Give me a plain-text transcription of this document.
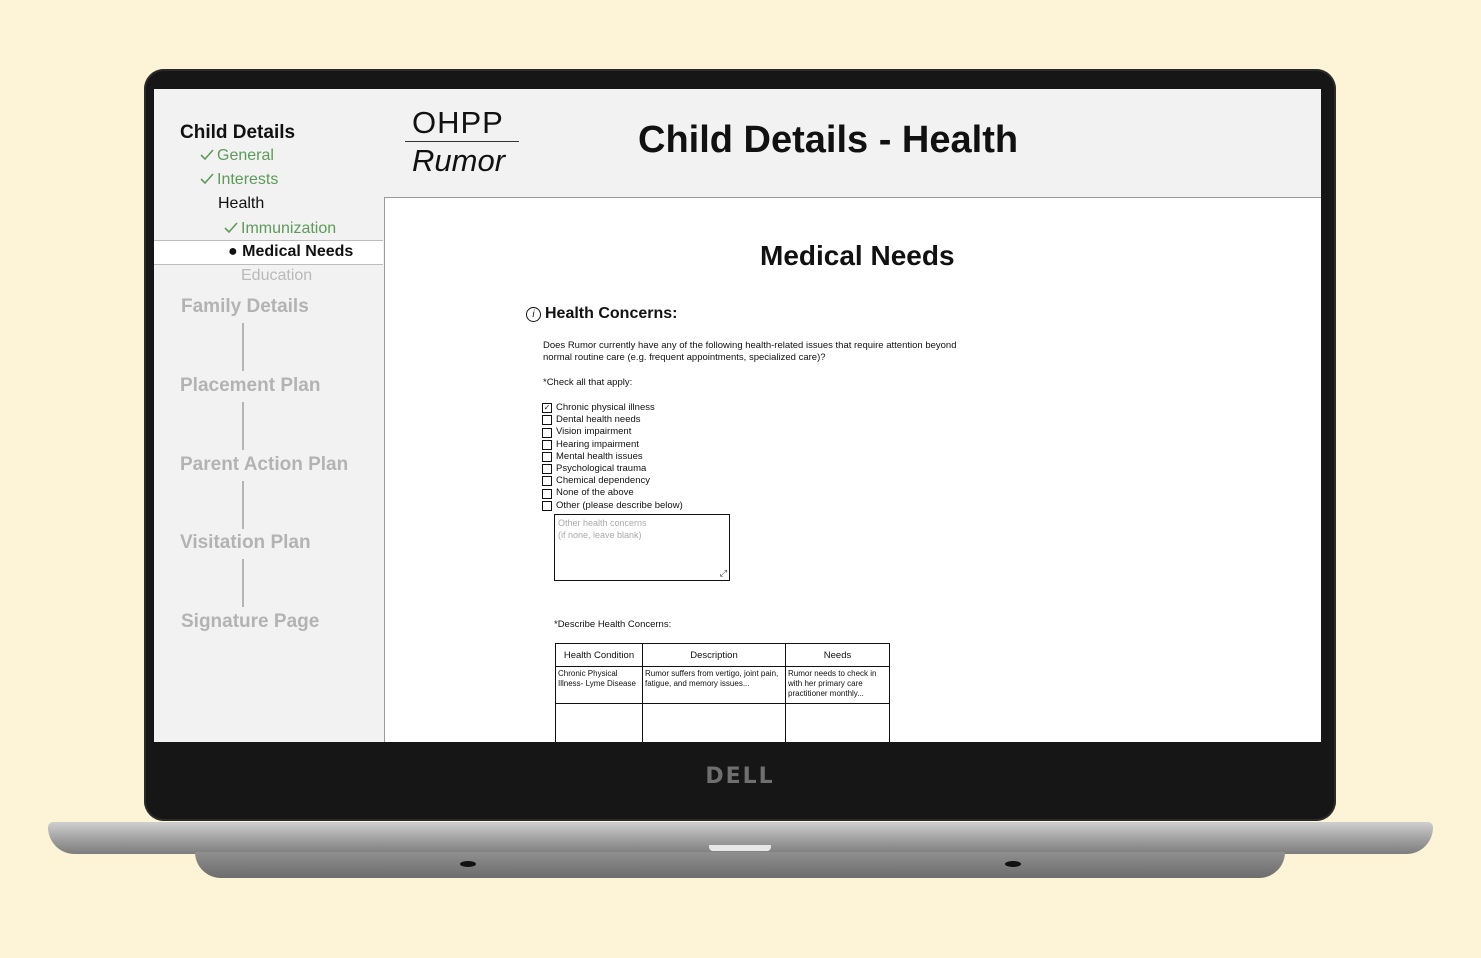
DELL
Child Details
General
Interests
Health
Immunization
● Medical Needs
Education
Family Details
Placement Plan
Parent Action Plan
Visitation Plan
Signature Page
OHPP
Rumor	Child Details - Health
Medical Needs
i Health Concerns:
Does Rumor currently have any of the following health-related issues that require attention beyond normal routine care (e.g. frequent appointments, specialized care)?
*Check all that apply:
✓ Chronic physical illness
Dental health needs
Vision impairment
Hearing impairment
Mental health issues
Psychological trauma
Chemical dependency
None of the above
Other (please describe below)
Other health concerns
(if none, leave blank)
⤢
*Describe Health Concerns:
Health Condition	Description	Needs
Chronic Physical Illness- Lyme Disease	Rumor suffers from vertigo, joint pain, fatigue, and memory issues...	Rumor needs to check in with her primary care practitioner monthly...
